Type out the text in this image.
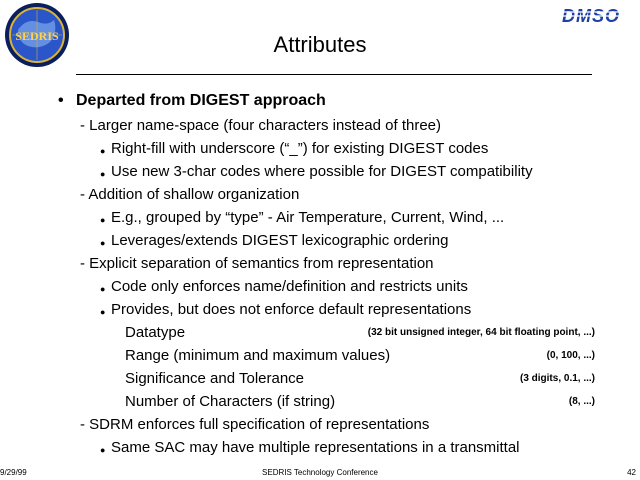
SEDRIS
DMSO
Attributes
• Departed from DIGEST approach
- Larger name-space (four characters instead of three)
● Right-fill with underscore (“_”) for existing DIGEST codes
● Use new 3-char codes where possible for DIGEST compatibility
- Addition of shallow organization
● E.g., grouped by “type” - Air Temperature, Current, Wind, ...
● Leverages/extends DIGEST lexicographic ordering
- Explicit separation of semantics from representation
● Code only enforces name/definition and restricts units
● Provides, but does not enforce default representations
Datatype	(32 bit unsigned integer, 64 bit floating point, ...)
Range (minimum and maximum values)	(0, 100, ...)
Significance and Tolerance	(3 digits, 0.1, ...)
Number of Characters (if string)	(8, ...)
- SDRM enforces full specification of representations
● Same SAC may have multiple representations in a transmittal
9/29/99	SEDRIS Technology Conference	42
